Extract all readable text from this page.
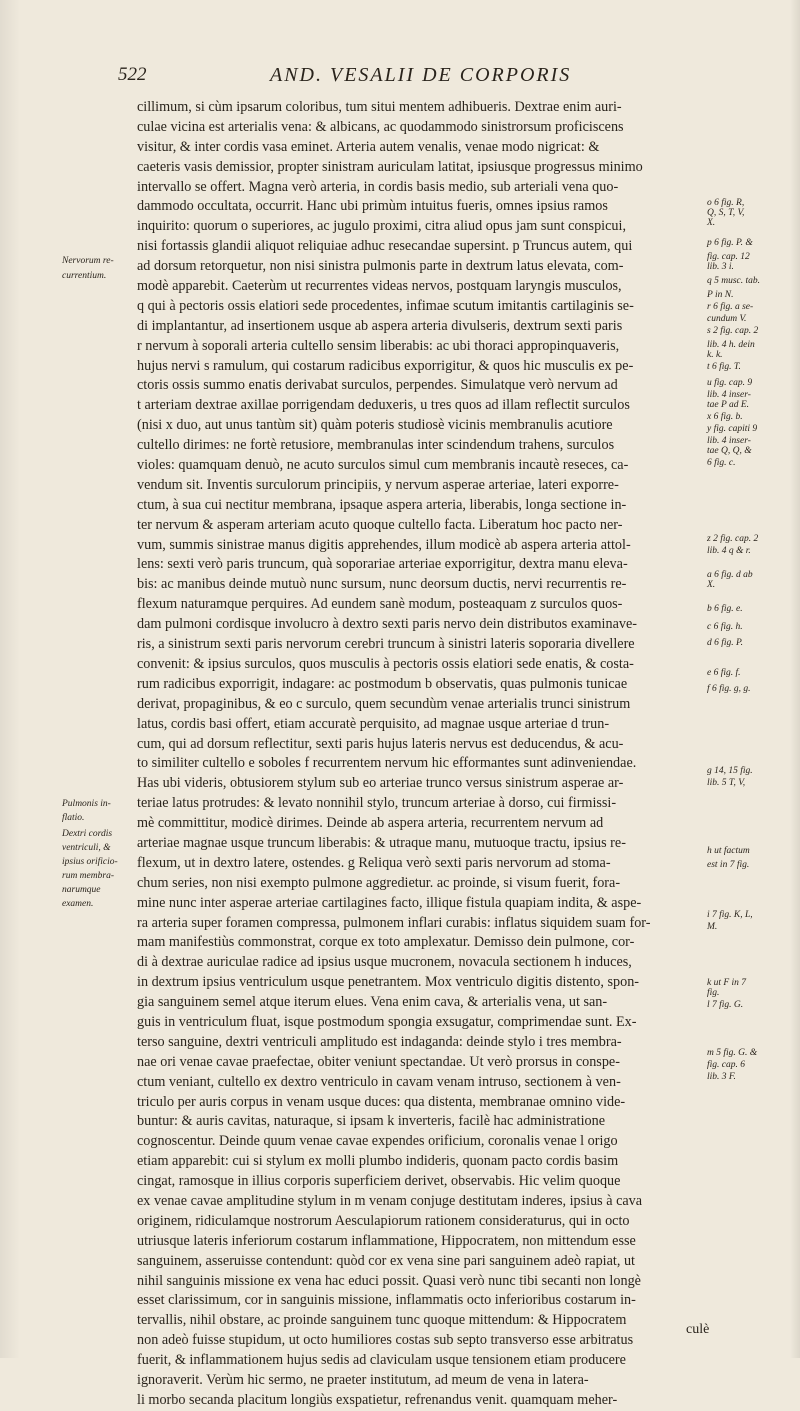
522	AND. VESALII DE CORPORIS
cillimum, si cùm ipsarum coloribus, tum situi mentem adhibueris. Dextrae enim auri-
culae vicina est arterialis vena: & albicans, ac quodammodo sinistrorsum proficiscens
visitur, & inter cordis vasa eminet. Arteria autem venalis, venae modo nigricat: &
caeteris vasis demissior, propter sinistram auriculam latitat, ipsiusque progressus minimo
intervallo se offert. Magna verò arteria, in cordis basis medio, sub arteriali vena quo-
dammodo occultata, occurrit. Hanc ubi primùm intuitus fueris, omnes ipsius ramos
inquirito: quorum o superiores, ac jugulo proximi, citra aliud opus jam sunt conspicui,
nisi fortassis glandii aliquot reliquiae adhuc resecandae supersint. p Truncus autem, qui
ad dorsum retorquetur, non nisi sinistra pulmonis parte in dextrum latus elevata, com-
modè apparebit. Caeterùm ut recurrentes videas nervos, postquam laryngis musculos,
q qui à pectoris ossis elatiori sede procedentes, infimae scutum imitantis cartilaginis se-
di implantantur, ad insertionem usque ab aspera arteria divulseris, dextrum sexti paris
r nervum à soporali arteria cultello sensim liberabis: ac ubi thoraci appropinquaveris,
hujus nervi s ramulum, qui costarum radicibus exporrigitur, & quos hic musculis ex pe-
ctoris ossis summo enatis derivabat surculos, perpendes. Simulatque verò nervum ad
t arteriam dextrae axillae porrigendam deduxeris, u tres quos ad illam reflectit surculos
(nisi x duo, aut unus tantùm sit) quàm poteris studiosè vicinis membranulis acutiore
cultello dirimes: ne fortè retusiore, membranulas inter scindendum trahens, surculos
violes: quamquam denuò, ne acuto surculos simul cum membranis incautè reseces, ca-
vendum sit. Inventis surculorum principiis, y nervum asperae arteriae, lateri exporre-
ctum, à sua cui nectitur membrana, ipsaque aspera arteria, liberabis, longa sectione in-
ter nervum & asperam arteriam acuto quoque cultello facta. Liberatum hoc pacto ner-
vum, summis sinistrae manus digitis apprehendes, illum modicè ab aspera arteria attol-
lens: sexti verò paris truncum, quà soporariae arteriae exporrigitur, dextra manu eleva-
bis: ac manibus deinde mutuò nunc sursum, nunc deorsum ductis, nervi recurrentis re-
flexum naturamque perquires. Ad eundem sanè modum, posteaquam z surculos quos-
dam pulmoni cordisque involucro à dextro sexti paris nervo dein distributos examinave-
ris, a sinistrum sexti paris nervorum cerebri truncum à sinistri lateris soporaria divellere
convenit: & ipsius surculos, quos musculis à pectoris ossis elatiori sede enatis, & costa-
rum radicibus exporrigit, indagare: ac postmodum b observatis, quas pulmonis tunicae
derivat, propaginibus, & eo c surculo, quem secundùm venae arterialis trunci sinistrum
latus, cordis basi offert, etiam accuratè perquisito, ad magnae usque arteriae d trun-
cum, qui ad dorsum reflectitur, sexti paris hujus lateris nervus est deducendus, & acu-
to similiter cultello e soboles f recurrentem nervum hic efformantes sunt adinveniendae.
Has ubi videris, obtusiorem stylum sub eo arteriae trunco versus sinistrum asperae ar-
teriae latus protrudes: & levato nonnihil stylo, truncum arteriae à dorso, cui firmissi-
mè committitur, modicè dirimes. Deinde ab aspera arteria, recurrentem nervum ad
arteriae magnae usque truncum liberabis: & utraque manu, mutuoque tractu, ipsius re-
flexum, ut in dextro latere, ostendes. g Reliqua verò sexti paris nervorum ad stoma-
chum series, non nisi exempto pulmone aggredietur. ac proinde, si visum fuerit, fora-
mine nunc inter asperae arteriae cartilagines facto, illique fistula quapiam indita, & aspe-
ra arteria super foramen compressa, pulmonem inflari curabis: inflatus siquidem suam for-
mam manifestiùs commonstrat, corque ex toto amplexatur. Demisso dein pulmone, cor-
di à dextrae auriculae radice ad ipsius usque mucronem, novacula sectionem h induces,
in dextrum ipsius ventriculum usque penetrantem. Mox ventriculo digitis distento, spon-
gia sanguinem semel atque iterum elues. Vena enim cava, & arterialis vena, ut san-
guis in ventriculum fluat, isque postmodum spongia exsugatur, comprimendae sunt. Ex-
terso sanguine, dextri ventriculi amplitudo est indaganda: deinde stylo i tres membra-
nae ori venae cavae praefectae, obiter veniunt spectandae. Ut verò prorsus in conspe-
ctum veniant, cultello ex dextro ventriculo in cavam venam intruso, sectionem à ven-
triculo per auris corpus in venam usque duces: qua distenta, membranae omnino vide-
buntur: & auris cavitas, naturaque, si ipsam k inverteris, facilè hac administratione
cognoscentur. Deinde quum venae cavae expendes orificium, coronalis venae l origo
etiam apparebit: cui si stylum ex molli plumbo indideris, quonam pacto cordis basim
cingat, ramosque in illius corporis superficiem derivet, observabis. Hic velim quoque
ex venae cavae amplitudine stylum in m venam conjuge destitutam inderes, ipsius à cava
originem, ridiculamque nostrorum Aesculapiorum rationem consideraturus, qui in octo
utriusque lateris inferiorum costarum inflammatione, Hippocratem, non mittendum esse
sanguinem, asseruisse contendunt: quòd cor ex vena sine pari sanguinem adeò rapiat, ut
nihil sanguinis missione ex vena hac educi possit. Quasi verò nunc tibi secanti non longè
esset clarissimum, cor in sanguinis missione, inflammatis octo inferioribus costarum in-
tervallis, nihil obstare, ac proinde sanguinem tunc quoque mittendum: & Hippocratem
non adeò fuisse stupidum, ut octo humiliores costas sub septo transverso esse arbitratus
fuerit, & inflammationem hujus sedis ad claviculam usque tensionem etiam producere
ignoraverit. Verùm hic sermo, ne praeter institutum, ad meum de vena in latera-
li morbo secanda placitum longiùs exspatietur, refrenandus venit. quamquam meher-
Nervorum re-
currentium.
Pulmonis in-
flatio.
Dextri cordis
ventriculi, &
ipsius orificio-
rum membra-
narumque
examen.
o 6 fig. R,
Q, S, T, V,
X.
p 6 fig. P. &
fig. cap. 12
lib. 3 i.
q 5 musc. tab.
P in N.
r 6 fig. a se-
cundum V.
s 2 fig. cap. 2
lib. 4 h. dein
k. k.
t 6 fig. T.
u fig. cap. 9
lib. 4 inser-
tae P ad E.
x 6 fig. b.
y fig. capiti 9
lib. 4 inser-
tae Q, Q, &
6 fig. c.
z 2 fig. cap. 2
lib. 4 q & r.
a 6 fig. d ab
X.
b 6 fig. e.
c 6 fig. h.
d 6 fig. P.
e 6 fig. f.
f 6 fig. g, g.
g 14, 15 fig.
lib. 5 T, V,
h ut factum
est in 7 fig.
i 7 fig. K, L,
M.
k ut F in 7
fig.
l 7 fig. G.
m 5 fig. G. &
fig. cap. 6
lib. 3 F.
culè
